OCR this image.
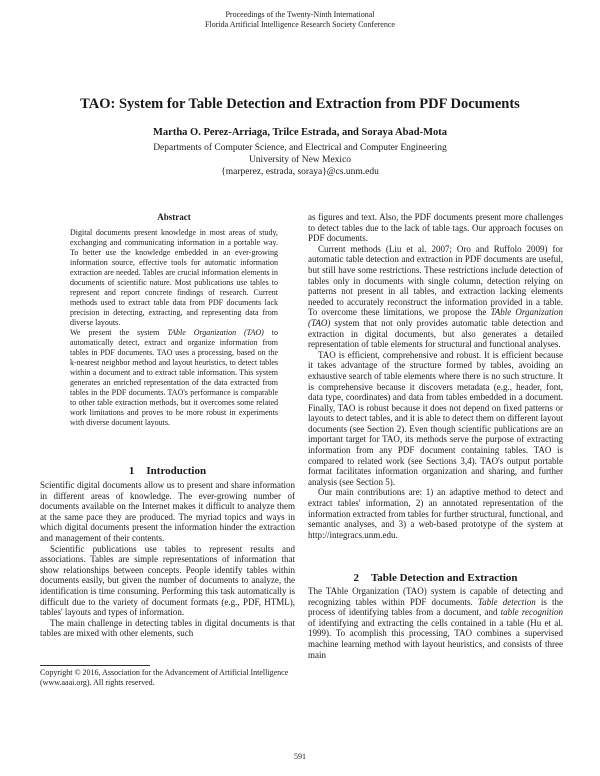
Proceedings of the Twenty-Ninth International
Florida Artificial Intelligence Research Society Conference
TAO: System for Table Detection and Extraction from PDF Documents
Martha O. Perez-Arriaga, Trilce Estrada, and Soraya Abad-Mota
Departments of Computer Science, and Electrical and Computer Engineering
University of New Mexico
{marperez, estrada, soraya}@cs.unm.edu
Abstract

Digital documents present knowledge in most areas of study, exchanging and communicating information in a portable way. To better use the knowledge embedded in an ever-growing information source, effective tools for automatic information extraction are needed. Tables are crucial information elements in documents of scientific nature. Most publications use tables to represent and report concrete findings of research. Current methods used to extract table data from PDF documents lack precision in detecting, extracting, and representing data from diverse layouts.

We present the system TAble Organization (TAO) to automatically detect, extract and organize information from tables in PDF documents. TAO uses a processing, based on the k-nearest neighbor method and layout heuristics, to detect tables within a document and to extract table information. This system generates an enriched representation of the data extracted from tables in the PDF documents. TAO's performance is comparable to other table extraction methods, but it overcomes some related work limitations and proves to be more robust in experiments with diverse document layouts.

1 Introduction

Scientific digital documents allow us to present and share information in different areas of knowledge. The ever-growing number of documents available on the Internet makes it difficult to analyze them at the same pace they are produced. The myriad topics and ways in which digital documents present the information hinder the extraction and management of their contents.

Scientific publications use tables to represent results and associations. Tables are simple representations of information that show relationships between concepts. People identify tables within documents easily, but given the number of documents to analyze, the identification is time consuming. Performing this task automatically is difficult due to the variety of document formats (e.g., PDF, HTML), tables' layouts and types of information.

The main challenge in detecting tables in digital documents is that tables are mixed with other elements, such

Copyright © 2016, Association for the Advancement of Artificial Intelligence (www.aaai.org). All rights reserved.

as figures and text. Also, the PDF documents present more challenges to detect tables due to the lack of table tags. Our approach focuses on PDF documents.

Current methods (Liu et al. 2007; Oro and Ruffolo 2009) for automatic table detection and extraction in PDF documents are useful, but still have some restrictions. These restrictions include detection of tables only in documents with single column, detection relying on patterns not present in all tables, and extraction lacking elements needed to accurately reconstruct the information provided in a table. To overcome these limitations, we propose the TAble Organization (TAO) system that not only provides automatic table detection and extraction in digital documents, but also generates a detailed representation of table elements for structural and functional analyses.

TAO is efficient, comprehensive and robust. It is efficient because it takes advantage of the structure formed by tables, avoiding an exhaustive search of table elements where there is no such structure. It is comprehensive because it discovers metadata (e.g., header, font, data type, coordinates) and data from tables embedded in a document. Finally, TAO is robust because it does not depend on fixed patterns or layouts to detect tables, and it is able to detect them on different layout documents (see Section 2). Even though scientific publications are an important target for TAO, its methods serve the purpose of extracting information from any PDF document containing tables. TAO is compared to related work (see Sections 3,4). TAO's output portable format facilitates information organization and sharing, and further analysis (see Section 5).

Our main contributions are: 1) an adaptive method to detect and extract tables' information, 2) an annotated representation of the information extracted from tables for further structural, functional, and semantic analyses, and 3) a web-based prototype of the system at http://integracs.unm.edu.

2 Table Detection and Extraction

The TAble Organization (TAO) system is capable of detecting and recognizing tables within PDF documents. Table detection is the process of identifying tables from a document, and table recognition of identifying and extracting the cells contained in a table (Hu et al. 1999). To acomplish this processing, TAO combines a supervised machine learning method with layout heuristics, and consists of three main

591
